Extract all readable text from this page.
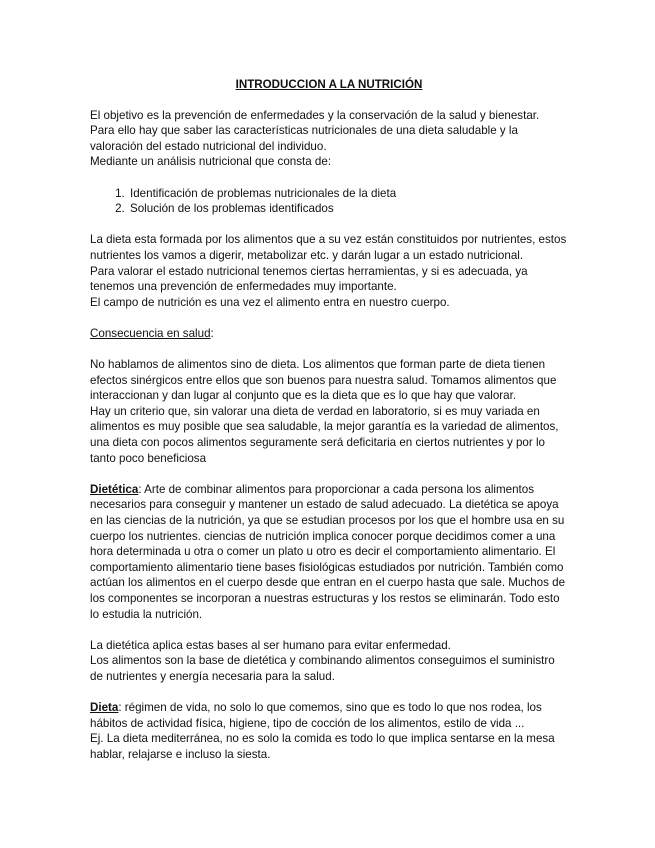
INTRODUCCION A LA NUTRICIÓN

El objetivo es la prevención de enfermedades y la conservación de la salud y bienestar.

Para ello hay que saber las características nutricionales de una dieta saludable y la valoración del estado nutricional del individuo.

Mediante un análisis nutricional que consta de:

1. Identificación de problemas nutricionales de la dieta
2. Solución de los problemas identificados

La dieta esta formada por los alimentos que a su vez están constituidos por nutrientes, estos nutrientes los vamos a digerir, metabolizar etc. y darán lugar a un estado nutricional.

Para valorar el estado nutricional tenemos ciertas herramientas, y si es adecuada, ya tenemos una prevención de enfermedades muy importante.

El campo de nutrición es una vez el alimento entra en nuestro cuerpo.

Consecuencia en salud:

No hablamos de alimentos sino de dieta. Los alimentos que forman parte de dieta tienen efectos sinérgicos entre ellos que son buenos para nuestra salud. Tomamos alimentos que interaccionan y dan lugar al conjunto que es la dieta que es lo que hay que valorar.

Hay un criterio que, sin valorar una dieta de verdad en laboratorio, si es muy variada en alimentos es muy posible que sea saludable, la mejor garantía es la variedad de alimentos, una dieta con pocos alimentos seguramente será deficitaria en ciertos nutrientes y por lo tanto poco beneficiosa

Dietética: Arte de combinar alimentos para proporcionar a cada persona los alimentos necesarios para conseguir y mantener un estado de salud adecuado. La dietética se apoya en las ciencias de la nutrición, ya que se estudian procesos por los que el hombre usa en su cuerpo los nutrientes. ciencias de nutrición implica conocer porque decidimos comer a una hora determinada u otra o comer un plato u otro es decir el comportamiento alimentario. El comportamiento alimentario tiene bases fisiológicas estudiados por nutrición. También como actúan los alimentos en el cuerpo desde que entran en el cuerpo hasta que sale. Muchos de los componentes se incorporan a nuestras estructuras y los restos se eliminarán. Todo esto lo estudia la nutrición.

La dietética aplica estas bases al ser humano para evitar enfermedad.

Los alimentos son la base de dietética y combinando alimentos conseguimos el suministro de nutrientes y energía necesaria para la salud.

Dieta: régimen de vida, no solo lo que comemos, sino que es todo lo que nos rodea, los hábitos de actividad física, higiene, tipo de cocción de los alimentos, estilo de vida ...

Ej. La dieta mediterránea, no es solo la comida es todo lo que implica sentarse en la mesa hablar, relajarse e incluso la siesta.
